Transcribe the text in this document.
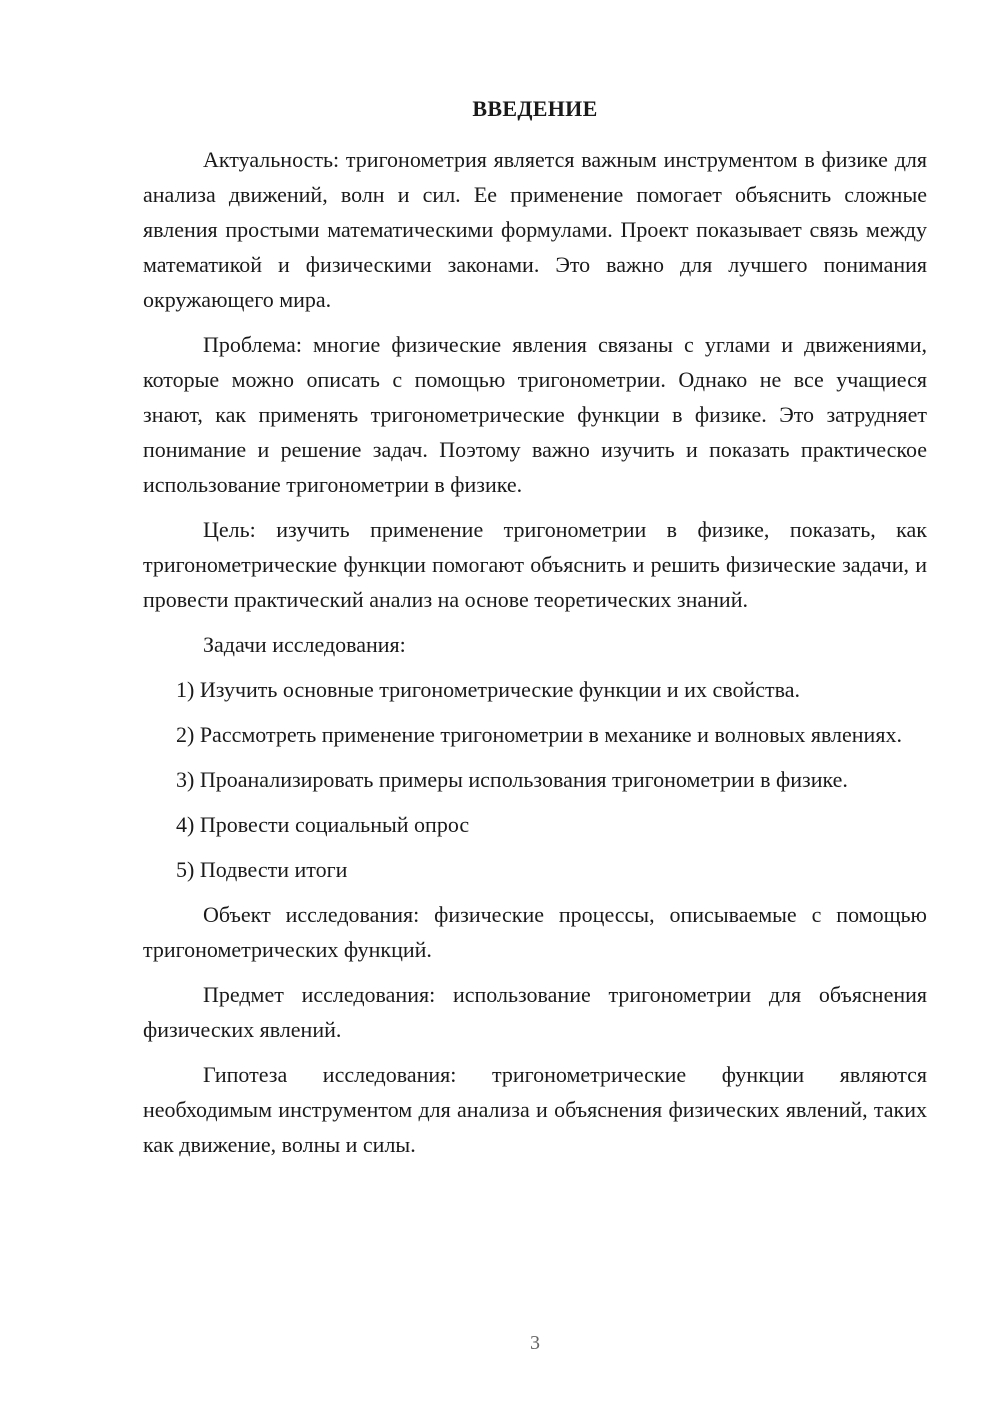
ВВЕДЕНИЕ

Актуальность: тригонометрия является важным инструментом в физике для анализа движений, волн и сил. Ее применение помогает объяснить сложные явления простыми математическими формулами. Проект показывает связь между математикой и физическими законами. Это важно для лучшего понимания окружающего мира.

Проблема: многие физические явления связаны с углами и движениями, которые можно описать с помощью тригонометрии. Однако не все учащиеся знают, как применять тригонометрические функции в физике. Это затрудняет понимание и решение задач. Поэтому важно изучить и показать практическое использование тригонометрии в физике.

Цель: изучить применение тригонометрии в физике, показать, как тригонометрические функции помогают объяснить и решить физические задачи, и провести практический анализ на основе теоретических знаний.

Задачи исследования:

1) Изучить основные тригонометрические функции и их свойства.

2) Рассмотреть применение тригонометрии в механике и волновых явлениях.

3) Проанализировать примеры использования тригонометрии в физике.

4) Провести социальный опрос

5) Подвести итоги

Объект исследования: физические процессы, описываемые с помощью тригонометрических функций.

Предмет исследования: использование тригонометрии для объяснения физических явлений.

Гипотеза исследования: тригонометрические функции являются необходимым инструментом для анализа и объяснения физических явлений, таких как движение, волны и силы.

3
